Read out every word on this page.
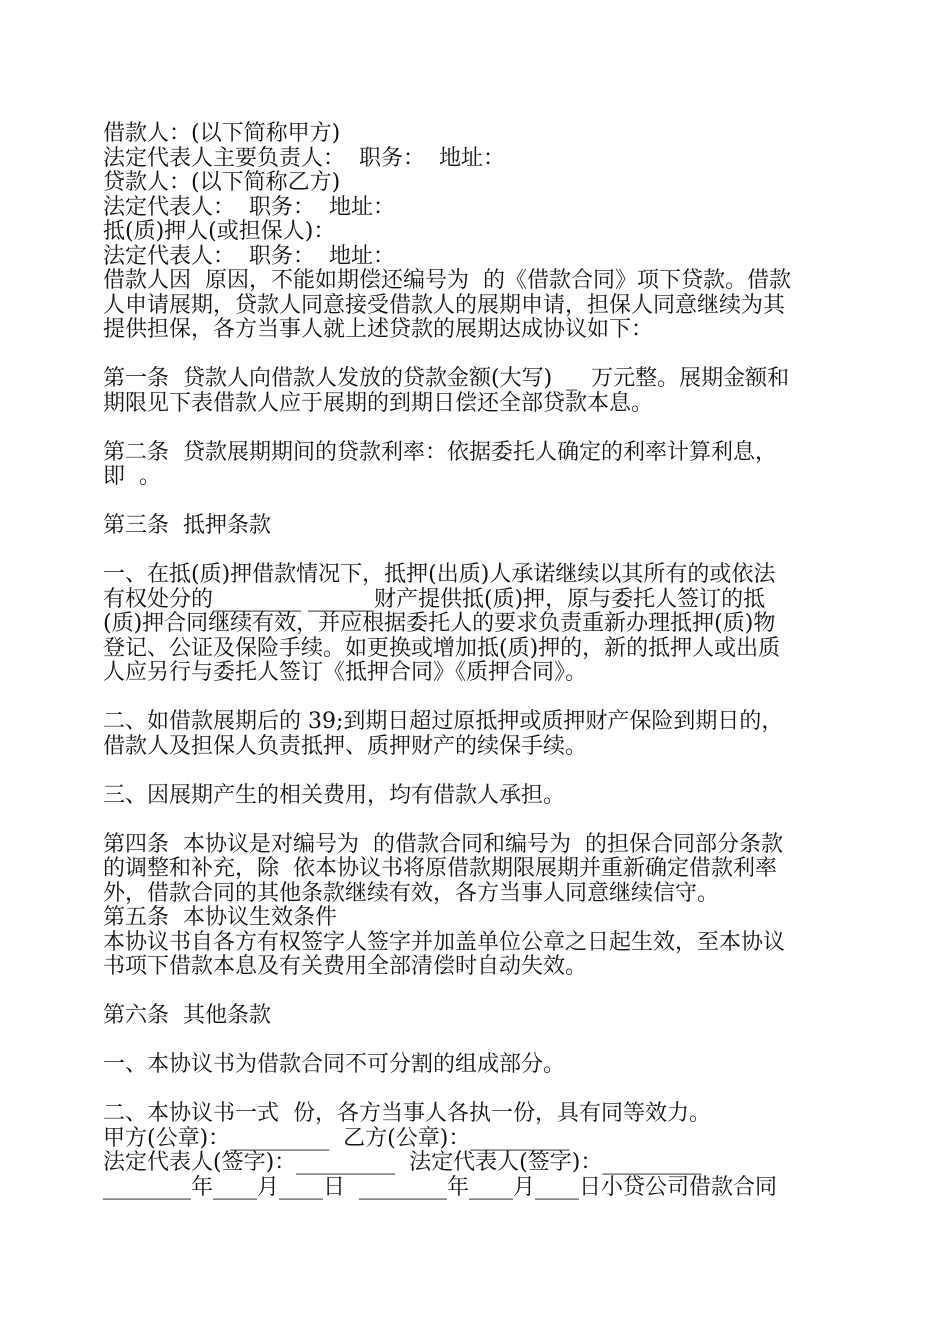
借款人：(以下简称甲方)
法定代表人主要负责人：  职务：  地址：
贷款人：(以下简称乙方)
法定代表人：  职务：  地址：
抵(质)押人(或担保人)：
法定代表人：  职务：  地址：
借款人因  原因，不能如期偿还编号为  的《借款合同》项下贷款。借款
人申请展期，贷款人同意接受借款人的展期申请，担保人同意继续为其
提供担保，各方当事人就上述贷款的展期达成协议如下：
第一条  贷款人向借款人发放的贷款金额(大写)  _  万元整。展期金额和
期限见下表借款人应于展期的到期日偿还全部贷款本息。
第二条  贷款展期期间的贷款利率：依据委托人确定的利率计算利息，
即  。
第三条  抵押条款
一、在抵(质)押借款情况下，抵押(出质)人承诺继续以其所有的或依法
有权处分的________ ______财产提供抵(质)押，原与委托人签订的抵
(质)押合同继续有效，并应根据委托人的要求负责重新办理抵押(质)物
登记、公证及保险手续。如更换或增加抵(质)押的，新的抵押人或出质
人应另行与委托人签订《抵押合同》《质押合同》。
二、如借款展期后的 39;到期日超过原抵押或质押财产保险到期日的，
借款人及担保人负责抵押、质押财产的续保手续。
三、因展期产生的相关费用，均有借款人承担。
第四条  本协议是对编号为  的借款合同和编号为  的担保合同部分条款
的调整和补充，除  依本协议书将原借款期限展期并重新确定借款利率
外，借款合同的其他条款继续有效，各方当事人同意继续信守。
第五条  本协议生效条件
本协议书自各方有权签字人签字并加盖单位公章之日起生效，至本协议
书项下借款本息及有关费用全部清偿时自动失效。
第六条  其他条款
一、本协议书为借款合同不可分割的组成部分。
二、本协议书一式  份，各方当事人各执一份，具有同等效力。
甲方(公章)：_________  乙方(公章)：_________
法定代表人(签字)：_________  法定代表人(签字)：_________
________年____月____日  ________年____月____日小贷公司借款合同
